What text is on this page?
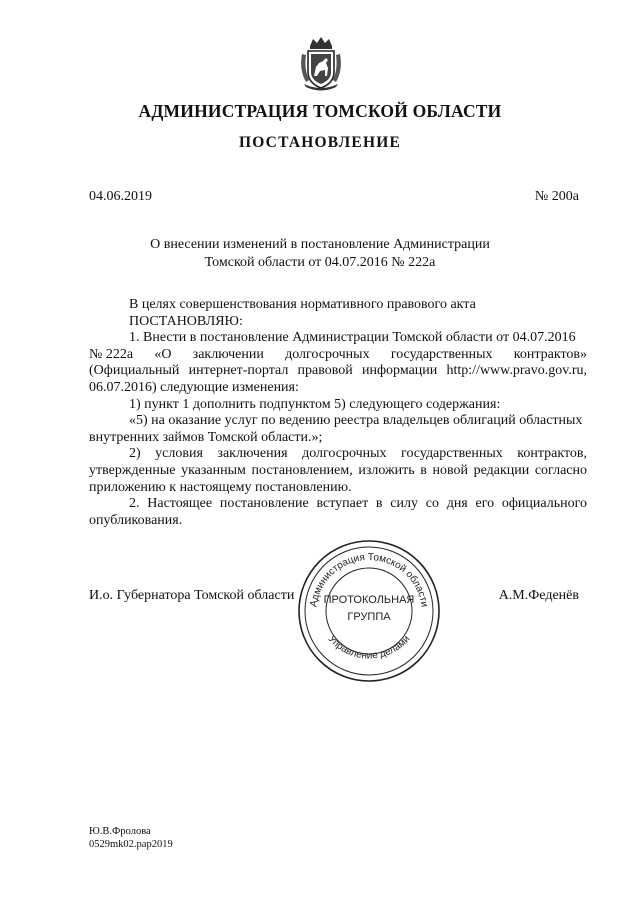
АДМИНИСТРАЦИЯ ТОМСКОЙ ОБЛАСТИ
ПОСТАНОВЛЕНИЕ
04.06.2019	№ 200а
О внесении изменений в постановление Администрации
Томской области от 04.07.2016 № 222а

В целях совершенствования нормативного правового акта

ПОСТАНОВЛЯЮ:

1. Внести в постановление Администрации Томской области от 04.07.2016

№ 222а «О заключении долгосрочных государственных контрактов»

(Официальный интернет-портал правовой информации http://www.pravo.gov.ru,

06.07.2016) следующие изменения:

1) пункт 1 дополнить подпунктом 5) следующего содержания:

«5) на оказание услуг по ведению реестра владельцев облигаций областных

внутренних займов Томской области.»;

2) условия заключения долгосрочных государственных контрактов,

утвержденные указанным постановлением, изложить в новой редакции согласно

приложению к настоящему постановлению.

2. Настоящее постановление вступает в силу со дня его официального

опубликования.

И.о. Губернатора Томской области	А.М.Феденёв
Администрация Томской области
Управление делами
ПРОТОКОЛЬНАЯ
ГРУППА
Ю.В.Фролова
0529mk02.pap2019
